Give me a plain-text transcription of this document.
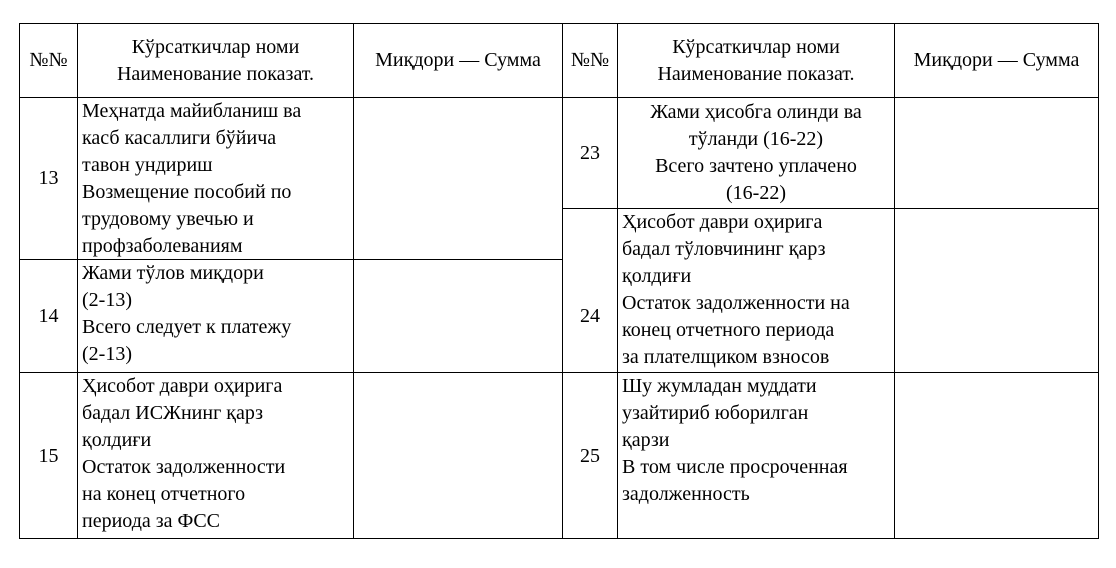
№№
Кўрсаткичлар номи
Наименование показат.
Миқдори — Сумма	№№
Кўрсаткичлар номи
Наименование показат.
Миқдори — Сумма
13
Меҳнатда майибланиш ва
касб касаллиги бўйича
тавон ундириш
Возмещение пособий по
трудовому увечью и
профзаболеваниям
14
Жами тўлов миқдори
(2-13)
Всего следует к платежу
(2-13)
15
Ҳисобот даври оҳирига
бадал ИСЖнинг қарз
қолдиғи
Остаток задолженности
на конец отчетного
периода за ФСС
23
Жами ҳисобга олинди ва
тўланди (16-22)
Всего зачтено уплачено
(16-22)
24
Ҳисобот даври оҳирига
бадал тўловчининг қарз
қолдиғи
Остаток задолженности на
конец отчетного периода
за плателщиком взносов
25
Шу жумладан муддати
узайтириб юборилган
қарзи
В том числе просроченная
задолженность
